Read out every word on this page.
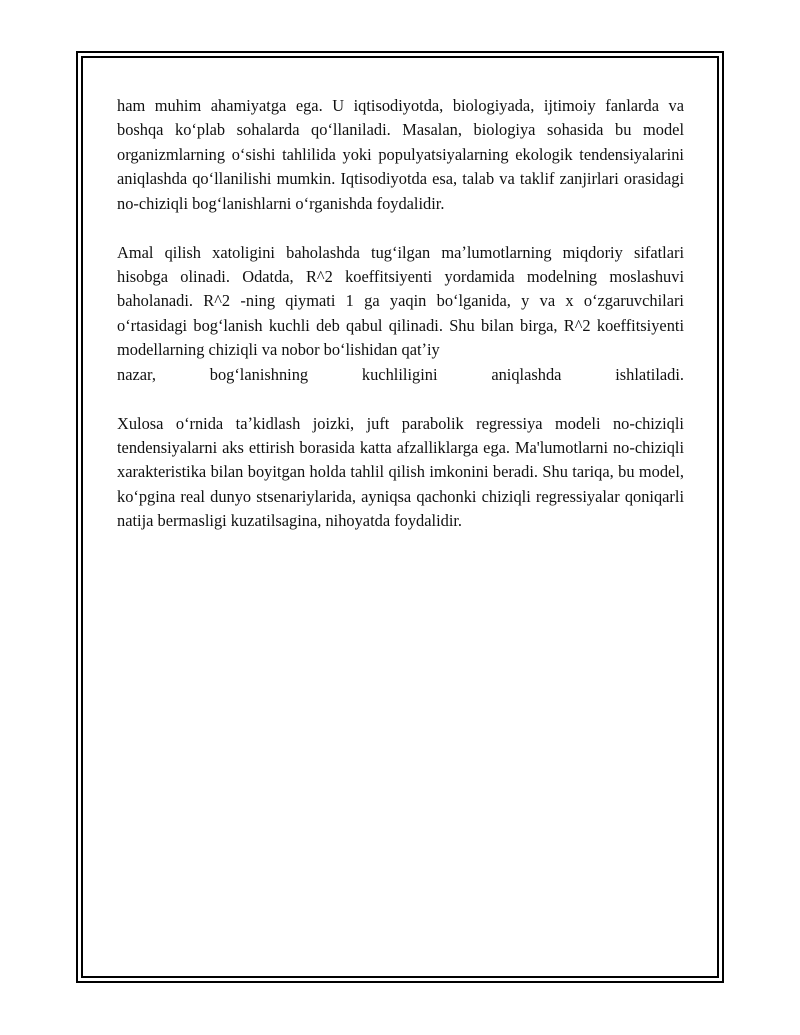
ham muhim ahamiyatga ega. U iqtisodiyotda, biologiyada, ijtimoiy fanlarda va boshqa koʻplab sohalarda qoʻllaniladi. Masalan, biologiya sohasida bu model organizmlarning oʻsishi tahlilida yoki populyatsiyalarning ekologik tendensiyalarini aniqlashda qoʻllanilishi mumkin. Iqtisodiyotda esa, talab va taklif zanjirlari orasidagi no-chiziqli bogʻlanishlarni oʻrganishda foydalidir.

Amal qilish xatoligini baholashda tugʻilgan maʼlumotlarning miqdoriy sifatlari hisobga olinadi. Odatda, R^2 koeffitsiyenti yordamida modelning moslashuvi baholanadi. R^2 -ning qiymati 1 ga yaqin boʻlganida, y va x oʻzgaruvchilari oʻrtasidagi bogʻlanish kuchli deb qabul qilinadi. Shu bilan birga, R^2 koeffitsiyenti modellarning chiziqli va nobor boʻlishidan qatʼiy

nazar, bogʻlanishning kuchliligini aniqlashda ishlatiladi.

Xulosa oʻrnida taʼkidlash joizki, juft parabolik regressiya modeli no-chiziqli tendensiyalarni aks ettirish borasida katta afzalliklarga ega. Ma'lumotlarni no-chiziqli xarakteristika bilan boyitgan holda tahlil qilish imkonini beradi. Shu tariqa, bu model, koʻpgina real dunyo stsenariylarida, ayniqsa qachonki chiziqli regressiyalar qoniqarli natija bermasligi kuzatilsagina, nihoyatda foydalidir.
